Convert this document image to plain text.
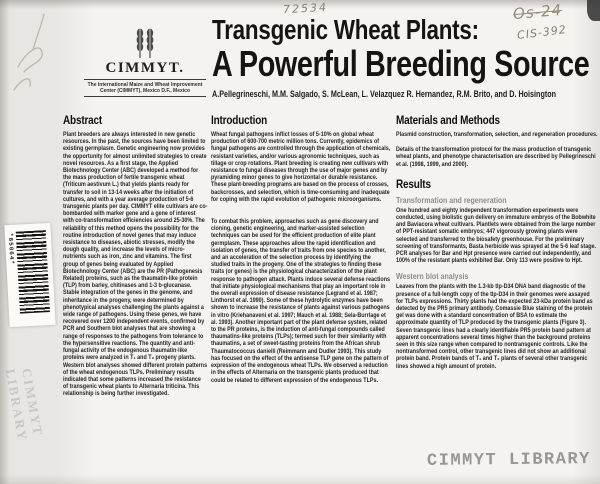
72534	Os-24
CIS-392
CIMMYT.
The International Maize and Wheat Improvement Center (CIMMYT), Mexico D.F., Mexico
Transgenic Wheat Plants:
A Powerful Breeding Source
A.Pellegrineschi, M.M. Salgado, S. McLean, L. Velazquez R. Hernandez, R.M. Brito, and D. Hoisington
Abstract

Plant breeders are always interested in new genetic resources. In the past, the sources have been limited to existing germplasm. Genetic engineering now provides the opportunity for almost unlimited strategies to create novel resources. As a first stage, the Applied Biotechnology Center (ABC) developed a method for the mass production of fertile transgenic wheat (Triticum aestivum L.) that yields plants ready for transfer to soil in 13-14 weeks after the initiation of cultures, and with a year average production of 5-6 transgenic plants per day. CIMMYT elite cultivars are co-bombarded with marker gene and a gene of interest with co-transformation efficiencies around 25-30%. The reliability of this method opens the possibility for the routine introduction of novel genes that may induce resistance to diseases, abiotic stresses, modify the dough quality, and increase the levels of micro-nutrients such as iron, zinc and vitamins. The first group of genes being evaluated by Applied Biotechnology Center (ABC) are the PR (Pathogenesis Related) proteins, such as the thaumatin-like protein (TLP) from barley, chitinases and 1-3 b-glucanase. Stable integration of the genes in the genome, and inheritance in the progeny, were determined by phenotypical analyses challenging the plants against a wide range of pathogens. Using these genes, we have recovered over 1200 independent events, confirmed by PCR and Southern blot analyses that are showing a range of responses to the pathogens from tolerance to the hypersensitive reactions. The quantity and anti-fungal activity of the endogenous thaumatin-like proteins were analyzed in T₁ and T₂ progeny plants. Western blot analyses showed different protein patterns of the wheat endogenous TLPs. Preliminary results indicated that some patterns increased the resistance of transgenic wheat plants to Alternaria triticina. This relationship is being further investigated.

Introduction

Wheat fungal pathogens inflict losses of 5-10% on global wheat production of 600-700 metric million tons. Currently, epidemics of fungal pathogens are controlled through the application of chemicals, resistant varieties, and/or various agronomic techniques, such as tillage or crop rotations. Plant breeding is creating new cultivars with resistance to fungal diseases through the use of major genes and by pyramiding minor genes to give horizontal or durable resistance. These plant-breeding programs are based on the process of crosses, backcrosses, and selection, which is time-consuming and inadequate for coping with the rapid evolution of pathogenic microorganisms.

To combat this problem, approaches such as gene discovery and cloning, genetic engineering, and marker-assisted selection techniques can be used for the efficient production of elite plant germplasm. These approaches allow the rapid identification and isolation of genes, the transfer of traits from one species to another, and an acceleration of the selection process by identifying the studied traits in the progeny. One of the strategies to finding these traits (or genes) is the physiological characterization of the plant response to pathogen attack. Plants induce several defense reactions that initiate physiological mechanisms that play an important role in the overall expression of disease resistance (Legrand et al. 1987; Linthorst et al. 1990). Some of these hydrolytic enzymes have been shown to increase the resistance of plants against various pathogens in vitro (Kriehanaveni et al. 1997; Mauch et al. 1988; Sela-Burrlage et al. 1993). Another important part of the plant defense system, related to the PR proteins, is the induction of anti-fungal compounds called thaumatins-like proteins (TLPs); termed such for their similarity with thaumatins, a set of sweet-tasting proteins from the African shrub Thaumatococcus danielli (Reimmann and Dudler 1993). This study has focused on the effect of the antisense TLP gene on the pattern of expression of the endogenous wheat TLPs. We observed a reduction in the effects of Alternaria on the transgenic plants produced that could be related to different expression of the endogenous TLPs.

Materials and Methods

Plasmid construction, transformation, selection, and regeneration procedures.

Details of the transformation protocol for the mass production of transgenic wheat plants, and phenotype characterisation are described by Pellegrineschi et al. (1998, 1999, and 2000).

Results
Transformation and regeneration

One hundred and eighty independent transformation experiments were conducted, using biolistic gun delivery on immature embryos of the Bobwhite and Baviacora wheat cultivars. Plantlets were obtained from the large number of PPT-resistant somatic embryos; 447 vigorously growing plants were selected and transferred to the biosafety greenhouse. For the preliminary screening of transformants, Basta herbicide was sprayed at the 5-6 leaf stage. PCR analyses for Bar and Hpt presence were carried out independently, and 100% of the resistant plants exhibited Bar. Only 113 were positive to Hpt.

Western blot analysis

Leaves from the plants with the 1.3-kb tlp-D34 DNA band diagnostic of the presence of a full-length copy of the tlp-D34 in their genomes were assayed for TLPs expressions. Thirty plants had the expected 23-kDa protein band as detected by the PR5 primary antibody. Comassie Blue staining of the protein gel was done with a standard concentration of BSA to estimate the approximate quantity of TLP produced by the transgenic plants (Figure 3). Seven transgenic lines had a clearly identifiable PR5 protein band pattern at apparent concentrations several times higher than the background proteins seen in this size range when compared to nontransgenic controls. Like the nontransformed control, other transgenic lines did not show an additional protein band. Protein bands of T₁ and T₂ plants of several other transgenic lines showed a high amount of protein.

*85064*
CIMMYT LIBRARY
CIMMYT LIBRARY
